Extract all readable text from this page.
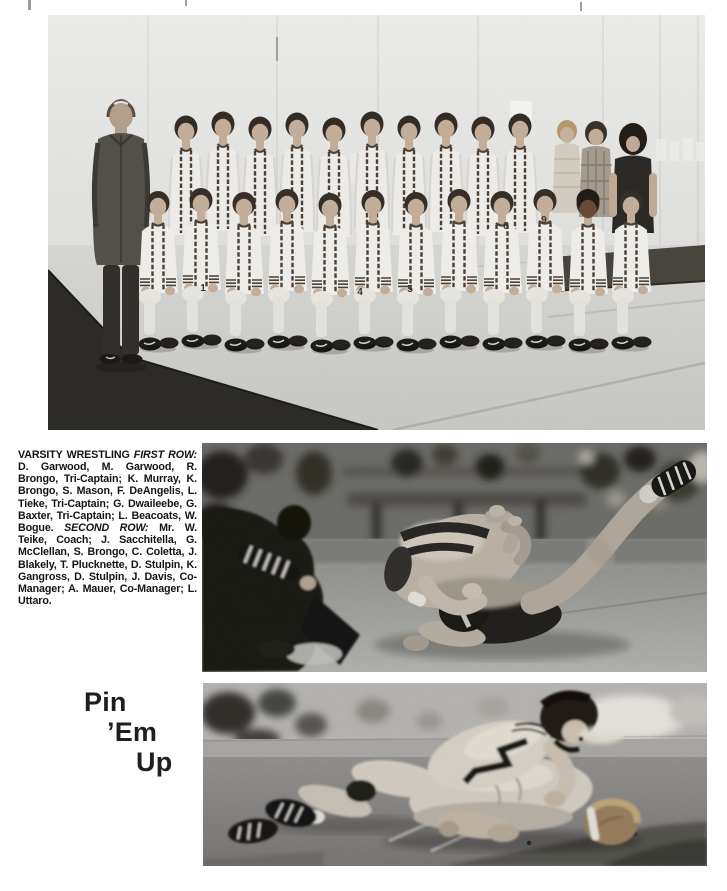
1	4	5
8
9

VARSITY WRESTLING FIRST ROW: D. Garwood, M. Garwood, R. Brongo, Tri-Captain; K. Murray, K. Brongo, S. Mason, F. DeAngelis, L. Tieke, Tri-Captain; G. Dwaileebe, G. Baxter, Tri-Captain; L. Beacoats, W. Bogue. SECOND ROW: Mr. W. Teike, Coach; J. Sacchitella, G. McClellan, S. Brongo, C. Coletta, J. Blakely, T. Plucknette, D. Stulpin, K. Gangross, D. Stulpin, J. Davis, Co-Manager; A. Mauer, Co-Manager; L. Uttaro.

Pin
’Em
Up
